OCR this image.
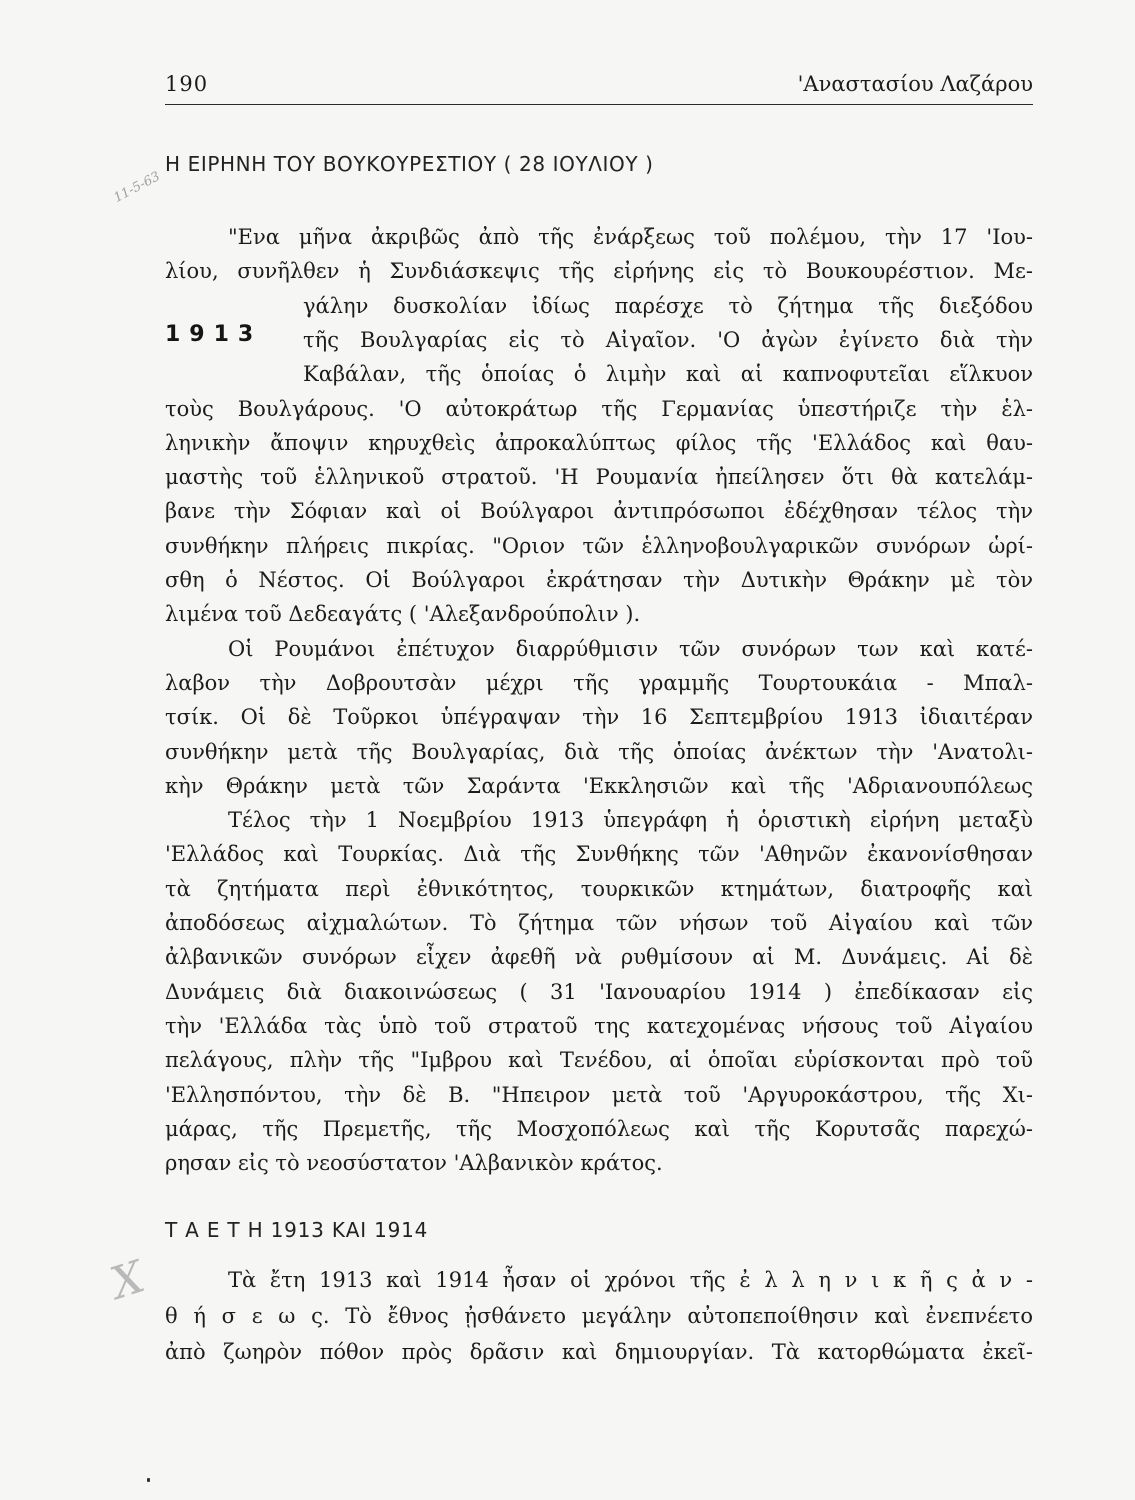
190	'Αναστασίου Λαζάρου
Η ΕΙΡΗΝΗ ΤΟΥ ΒΟΥΚΟΥΡΕΣΤΙΟΥ ( 28 ΙΟΥΛΙΟΥ )
11-5-63
1913
Τ Α Ε Τ Η 1913 ΚΑΙ 1914
X
"Ενα μῆνα ἀκριβῶς ἀπὸ τῆς ἐνάρξεως τοῦ πολέμου, τὴν 17 'Ιου-
λίου, συνῆλθεν ἡ Συνδιάσκεψις τῆς εἰρήνης εἰς τὸ Βουκουρέστιον. Με-
γάλην δυσκολίαν ἰδίως παρέσχε τὸ ζήτημα τῆς διεξόδου
τῆς Βουλγαρίας εἰς τὸ Αἰγαῖον. 'Ο ἀγὼν ἐγίνετο διὰ τὴν
Καβάλαν, τῆς ὁποίας ὁ λιμὴν καὶ αἱ καπνοφυτεῖαι εἵλκυον
τοὺς Βουλγάρους. 'Ο αὐτοκράτωρ τῆς Γερμανίας ὑπεστήριζε τὴν ἑλ-
ληνικὴν ἄποψιν κηρυχθεὶς ἀπροκαλύπτως φίλος τῆς 'Ελλάδος καὶ θαυ-
μαστὴς τοῦ ἑλληνικοῦ στρατοῦ. 'Η Ρουμανία ἠπείλησεν ὅτι θὰ κατελάμ-
βανε τὴν Σόφιαν καὶ οἱ Βούλγαροι ἀντιπρόσωποι ἐδέχθησαν τέλος τὴν
συνθήκην πλήρεις πικρίας. "Οριον τῶν ἑλληνοβουλγαρικῶν συνόρων ὡρί-
σθη ὁ Νέστος. Οἱ Βούλγαροι ἐκράτησαν τὴν Δυτικὴν Θράκην μὲ τὸν
λιμένα τοῦ Δεδεαγάτς ( 'Αλεξανδρούπολιν ).
Οἱ Ρουμάνοι ἐπέτυχον διαρρύθμισιν τῶν συνόρων των καὶ κατέ-
λαβον τὴν Δοβρουτσὰν μέχρι τῆς γραμμῆς Τουρτουκάια - Μπαλ-
τσίκ. Οἱ δὲ Τοῦρκοι ὑπέγραψαν τὴν 16 Σεπτεμβρίου 1913 ἰδιαιτέραν
συνθήκην μετὰ τῆς Βουλγαρίας, διὰ τῆς ὁποίας ἀνέκτων τὴν 'Ανατολι-
κὴν Θράκην μετὰ τῶν Σαράντα 'Εκκλησιῶν καὶ τῆς 'Αδριανουπόλεως
Τέλος τὴν 1 Νοεμβρίου 1913 ὑπεγράφη ἡ ὁριστικὴ εἰρήνη μεταξὺ
'Ελλάδος καὶ Τουρκίας. Διὰ τῆς Συνθήκης τῶν 'Αθηνῶν ἐκανονίσθησαν
τὰ ζητήματα περὶ ἐθνικότητος, τουρκικῶν κτημάτων, διατροφῆς καὶ
ἀποδόσεως αἰχμαλώτων. Τὸ ζήτημα τῶν νήσων τοῦ Αἰγαίου καὶ τῶν
ἀλβανικῶν συνόρων εἶχεν ἀφεθῆ νὰ ρυθμίσουν αἱ Μ. Δυνάμεις. Αἱ δὲ
Δυνάμεις διὰ διακοινώσεως ( 31 'Ιανουαρίου 1914 ) ἐπεδίκασαν εἰς
τὴν 'Ελλάδα τὰς ὑπὸ τοῦ στρατοῦ της κατεχομένας νήσους τοῦ Αἰγαίου
πελάγους, πλὴν τῆς "Ιμβρου καὶ Τενέδου, αἱ ὁποῖαι εὑρίσκονται πρὸ τοῦ
'Ελλησπόντου, τὴν δὲ Β. "Ηπειρον μετὰ τοῦ 'Αργυροκάστρου, τῆς Χι-
μάρας, τῆς Πρεμετῆς, τῆς Μοσχοπόλεως καὶ τῆς Κορυτσᾶς παρεχώ-
ρησαν εἰς τὸ νεοσύστατον 'Αλβανικὸν κράτος.
Τὰ ἔτη 1913 καὶ 1914 ἦσαν οἱ χρόνοι τῆς ἐ λ λ η ν ι κ ῆ ς ἀ ν -
θ ή σ ε ω ς. Τὸ ἔθνος ᾐσθάνετο μεγάλην αὐτοπεποίθησιν καὶ ἐνεπνέετο
ἀπὸ ζωηρὸν πόθον πρὸς δρᾶσιν καὶ δημιουργίαν. Τὰ κατορθώματα ἐκεῖ-
